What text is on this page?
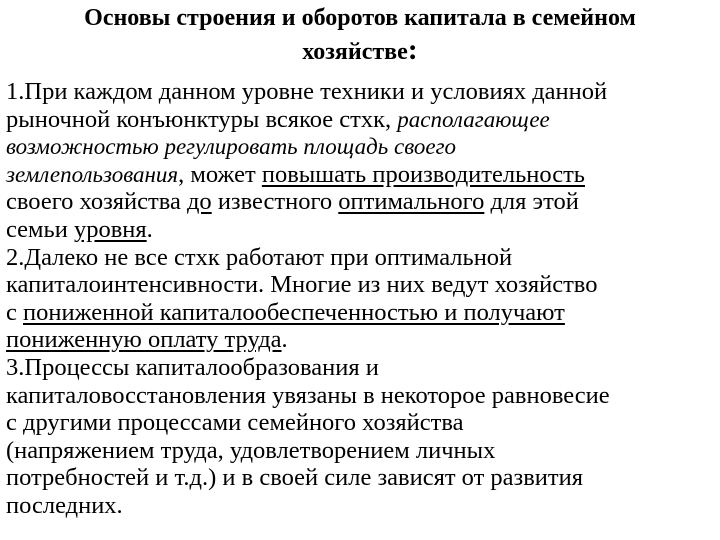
Основы строения и оборотов капитала в семейном
хозяйстве:

1.При каждом данном уровне техники и условиях данной
рыночной конъюнктуры всякое стхк, располагающее
возможностью регулировать площадь своего
землепользования, может повышать производительность
своего хозяйства до известного оптимального для этой
семьи уровня.

2.Далеко не все стхк работают при оптимальной
капиталоинтенсивности. Многие из них ведут хозяйство
с пониженной капиталообеспеченностью и получают
пониженную оплату труда.

3.Процессы капиталообразования и
капиталовосстановления увязаны в некоторое равновесие
с другими процессами семейного хозяйства
(напряжением труда, удовлетворением личных
потребностей и т.д.) и в своей силе зависят от развития
последних.
